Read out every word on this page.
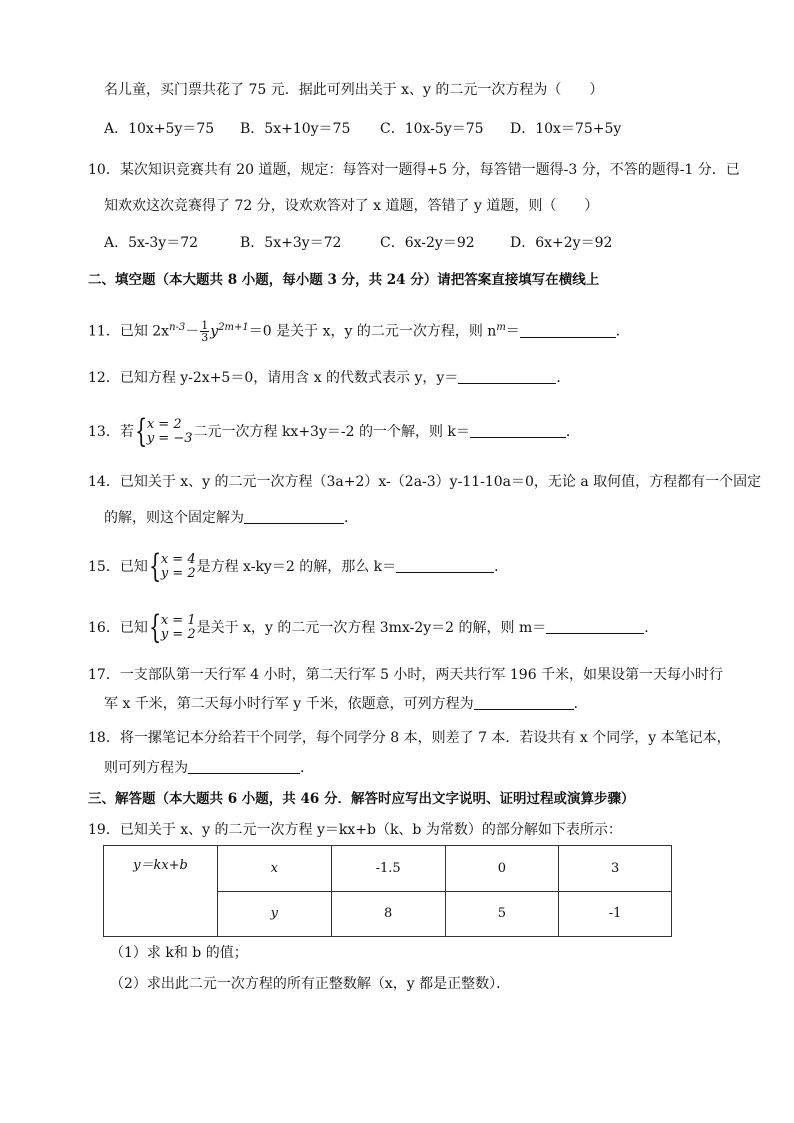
名儿童，买门票共花了 75 元．据此可列出关于 x、y 的二元一次方程为（　　）
A．10x+5y＝75 B．5x+10y＝75 C．10x-5y＝75 D．10x＝75+5y
10．某次知识竞赛共有 20 道题，规定：每答对一题得+5 分，每答错一题得-3 分，不答的题得-1 分．已
知欢欢这次竞赛得了 72 分，设欢欢答对了 x 道题，答错了 y 道题，则（　　）
A．5x-3y＝72	B．5x+3y＝72	C．6x-2y＝92	D．6x+2y＝92
二、填空题（本大题共 8 小题，每小题 3 分，共 24 分）请把答案直接填写在横线上
11．已知 $2x^{n-3}- \frac{1}{3} y^{2m+1}=0$ 是关于 x，y 的二元一次方程，则 $n^m=$	．
12．已知方程 y-2x+5＝0，请用含 x 的代数式表示 y，y＝	．
13．若 { x = 2
y = −3 二元一次方程 kx+3y＝-2 的一个解，则 k＝	．
14．已知关于 x、y 的二元一次方程（3a+2）x-（2a-3）y-11-10a＝0，无论 a 取何值，方程都有一个固定
的解，则这个固定解为	．
15．已知 { x = 4
y = 2 是方程 x-ky＝2 的解，那么 k＝	．
16．已知 { x = 1
y = 2 是关于 x，y 的二元一次方程 3mx-2y＝2 的解，则 m＝	．
17．一支部队第一天行军 4 小时，第二天行军 5 小时，两天共行军 196 千米，如果设第一天每小时行
军 x 千米，第二天每小时行军 y 千米，依题意，可列方程为	．
18．将一摞笔记本分给若干个同学，每个同学分 8 本，则差了 7 本．若设共有 x 个同学，y 本笔记本，
则可列方程为	．
三、解答题（本大题共 6 小题，共 46 分．解答时应写出文字说明、证明过程或演算步骤）
19．已知关于 x、y 的二元一次方程 y＝kx+b（k、b 为常数）的部分解如下表所示：
y＝kx+b	x	-1.5	0	3
	y	8	5	-1
（1）求 k和 b 的值；
（2）求出此二元一次方程的所有正整数解（x，y 都是正整数）．
